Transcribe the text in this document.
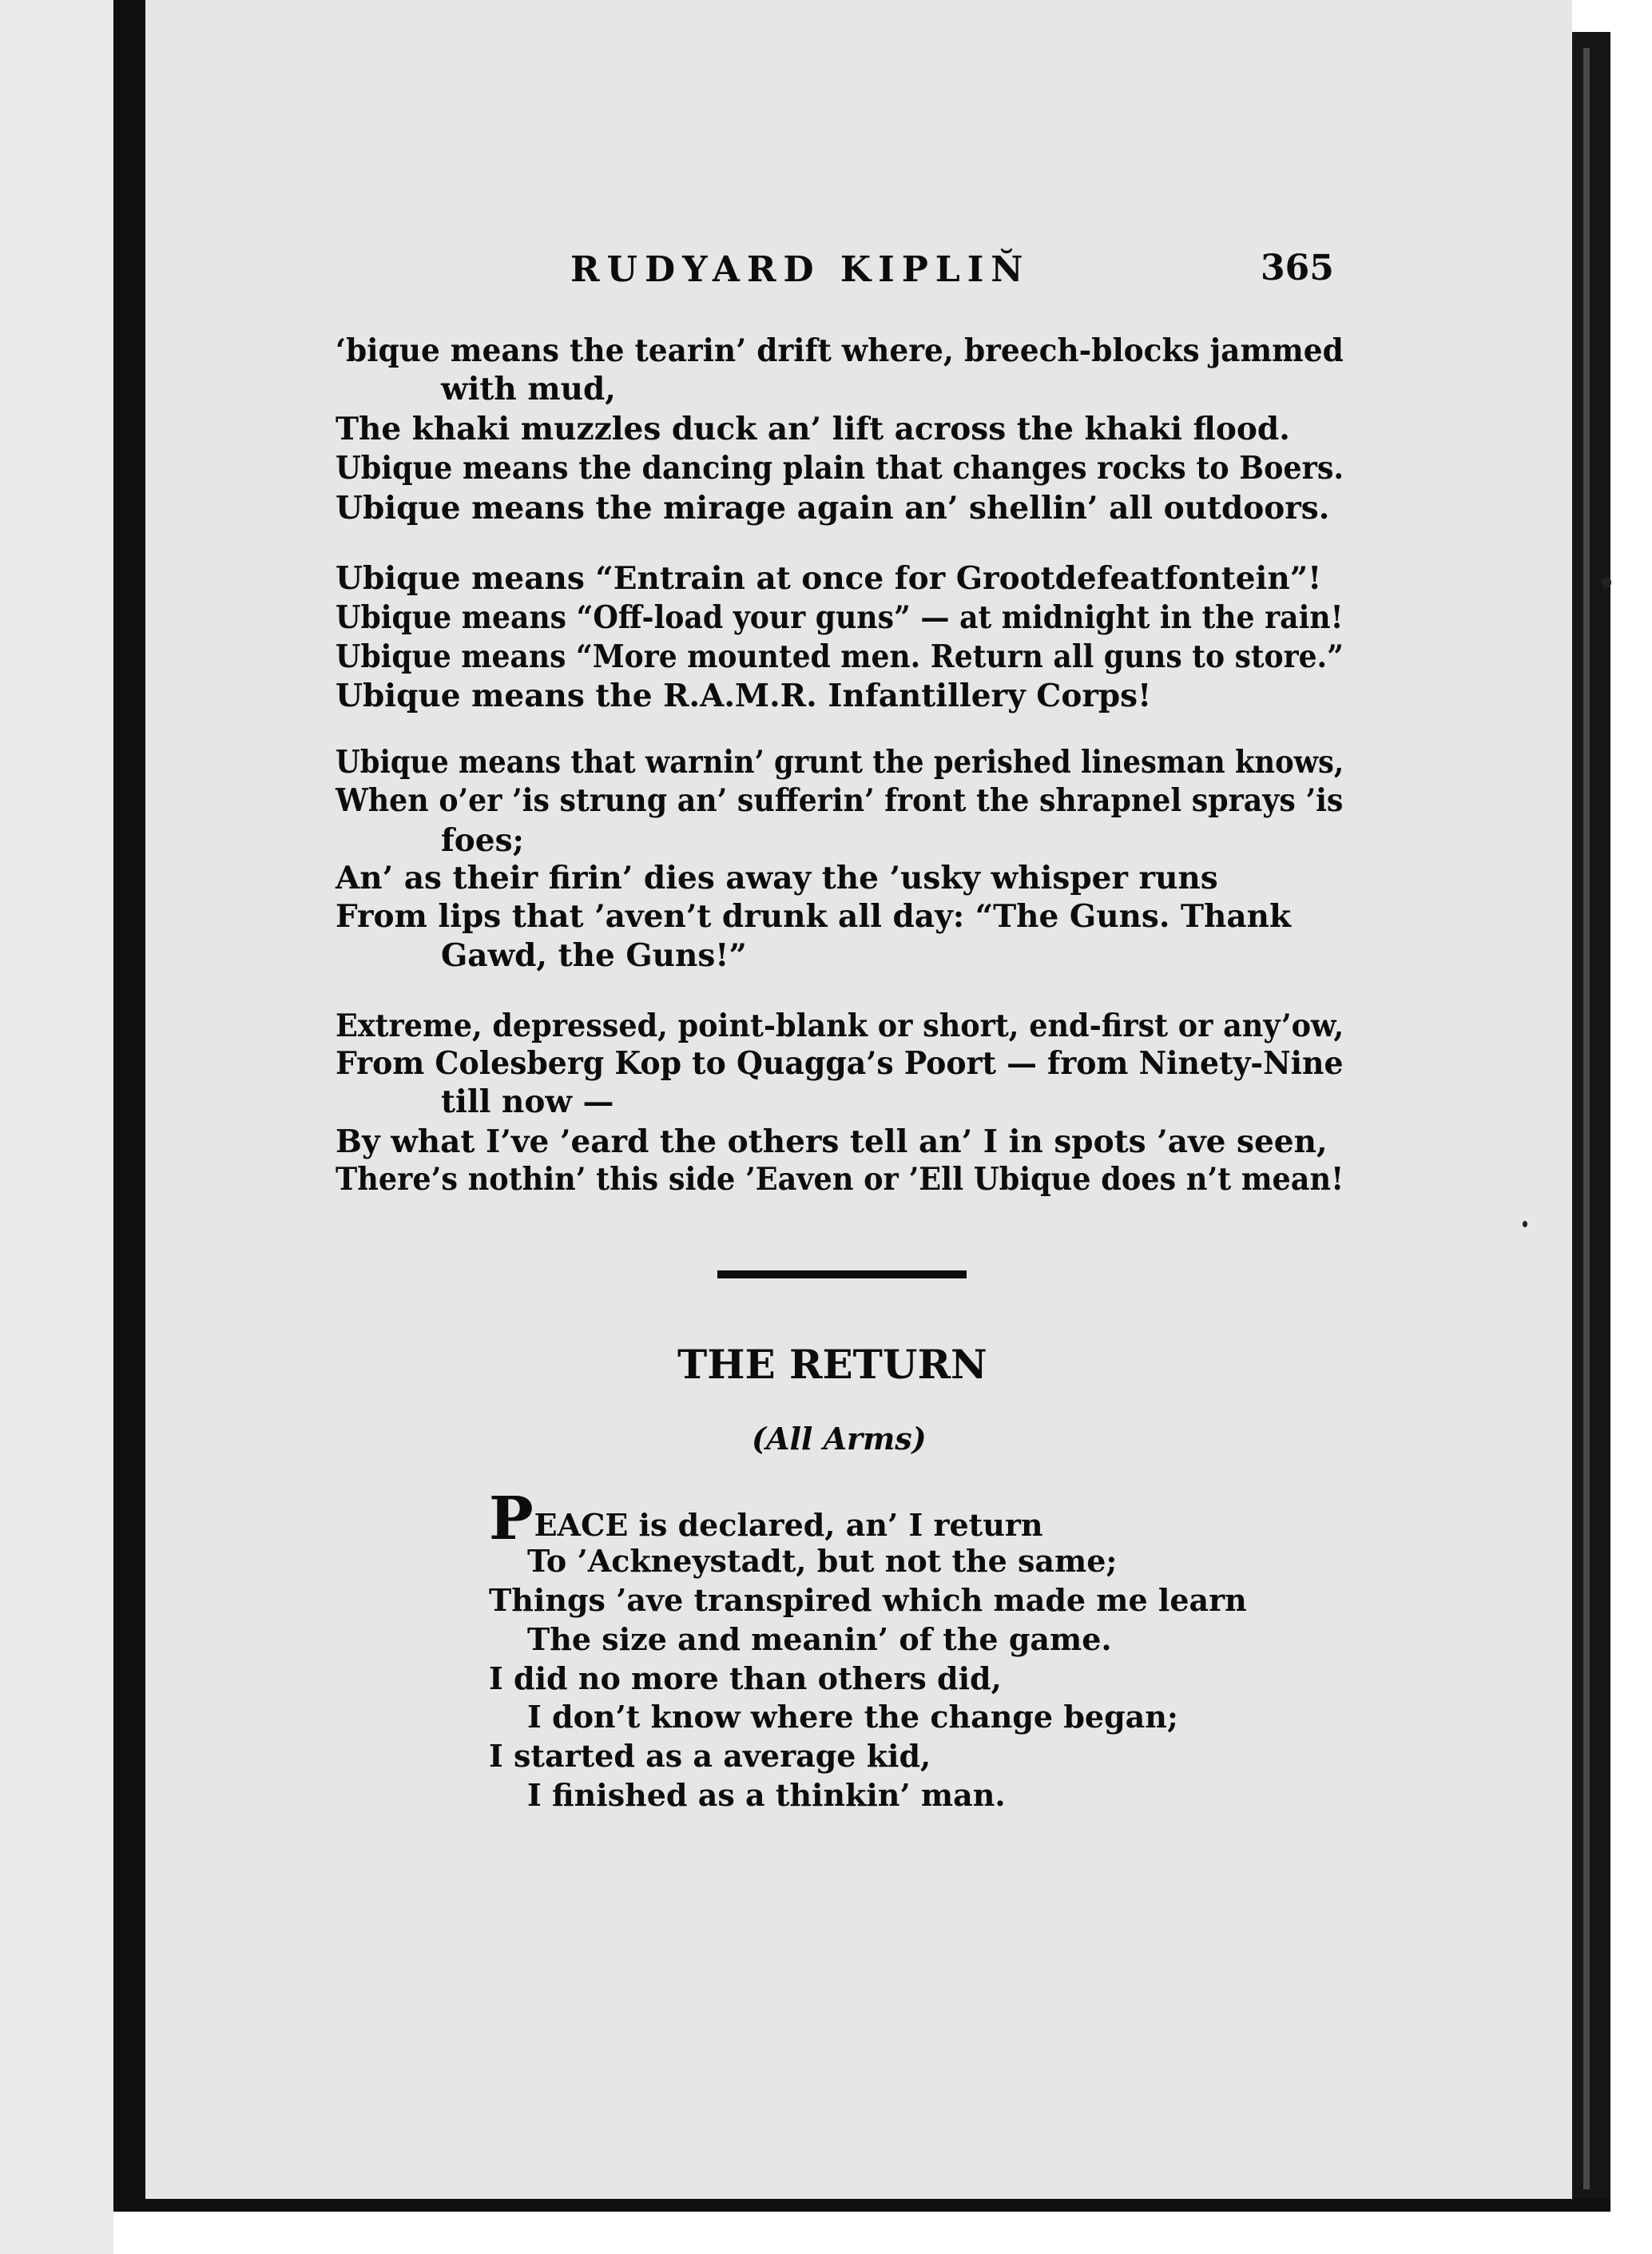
RUDYARD KIPLIN̆	365
‘bique means the tearin’ drift where, breech-blocks jammed
with mud,
The khaki muzzles duck an’ lift across the khaki flood.
Ubique means the dancing plain that changes rocks to Boers.
Ubique means the mirage again an’ shellin’ all outdoors.
Ubique means “Entrain at once for Grootdefeatfontein”!
Ubique means “Off-load your guns” — at midnight in the rain!
Ubique means “More mounted men. Return all guns to store.”
Ubique means the R.A.M.R. Infantillery Corps!
Ubique means that warnin’ grunt the perished linesman knows,
When o’er ’is strung an’ sufferin’ front the shrapnel sprays ’is
foes;
An’ as their firin’ dies away the ’usky whisper runs
From lips that ’aven’t drunk all day: “The Guns. Thank
Gawd, the Guns!”
Extreme, depressed, point-blank or short, end-first or any’ow,
From Colesberg Kop to Quagga’s Poort — from Ninety-Nine
till now —
By what I’ve ’eard the others tell an’ I in spots ’ave seen,
There’s nothin’ this side ’Eaven or ’Ell Ubique does n’t mean!
THE RETURN
(All Arms)
PEACE is declared, an’ I return
To ’Ackneystadt, but not the same;
Things ’ave transpired which made me learn
The size and meanin’ of the game.
I did no more than others did,
I don’t know where the change began;
I started as a average kid,
I finished as a thinkin’ man.
